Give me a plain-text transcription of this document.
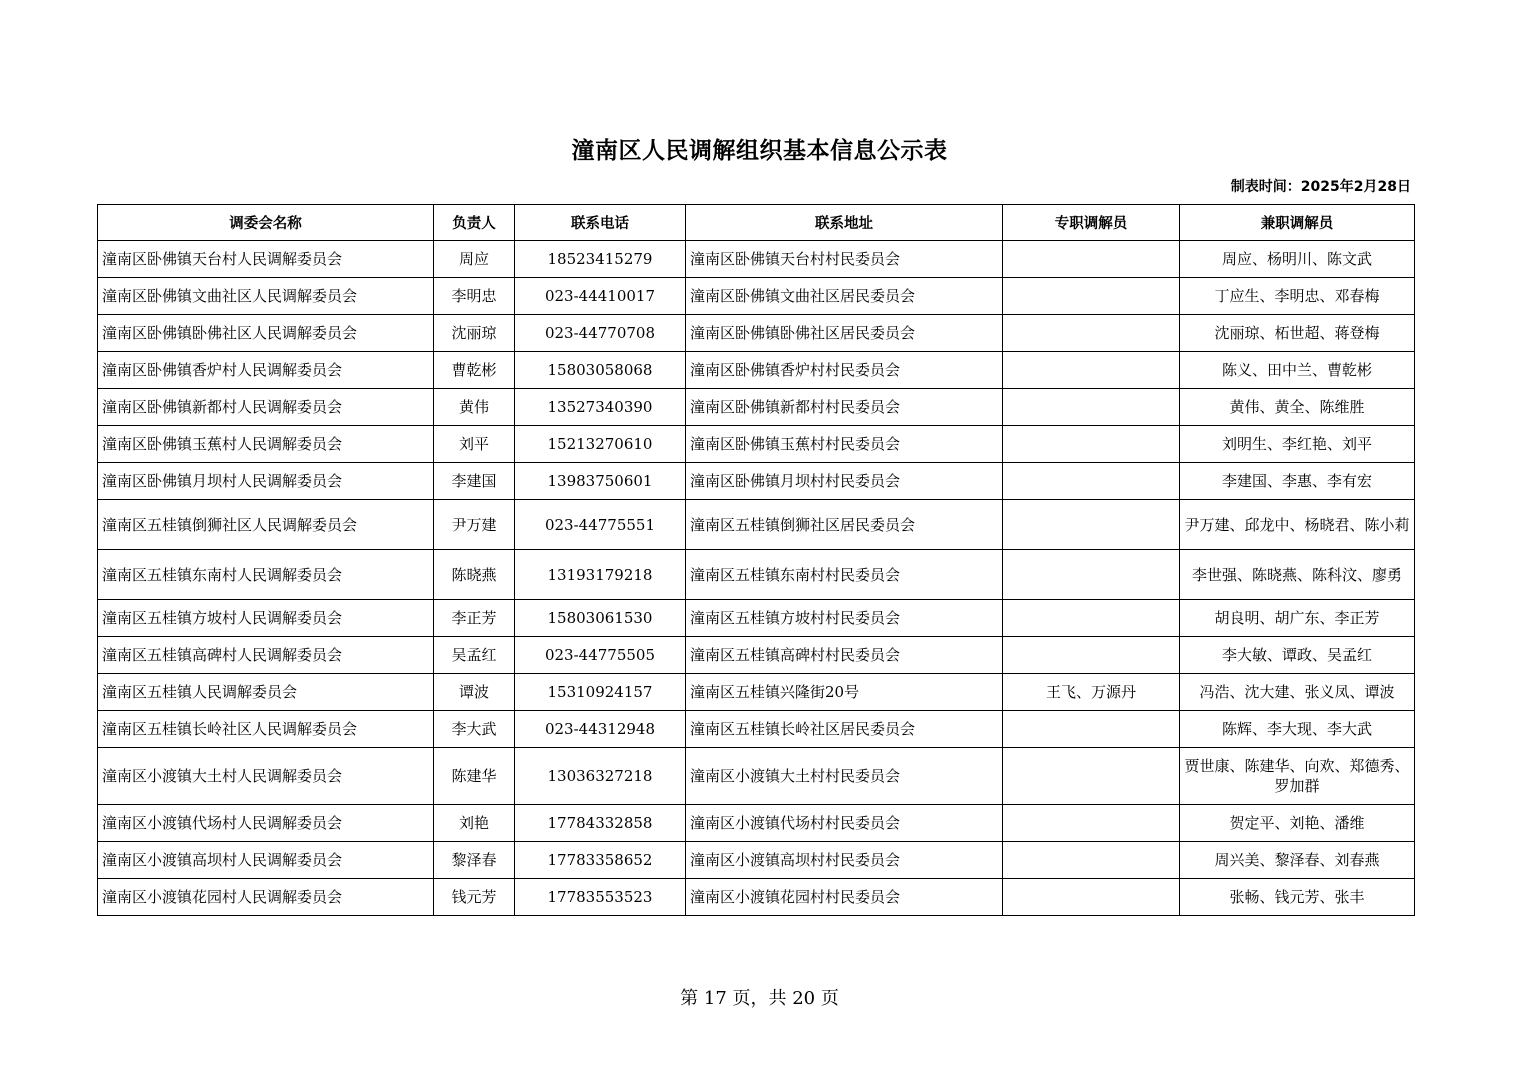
潼南区人民调解组织基本信息公示表
制表时间：2025年2月28日
调委会名称	负责人	联系电话	联系地址	专职调解员	兼职调解员
潼南区卧佛镇天台村人民调解委员会	周应	18523415279	潼南区卧佛镇天台村村民委员会		周应、杨明川、陈文武
潼南区卧佛镇文曲社区人民调解委员会	李明忠	023-44410017	潼南区卧佛镇文曲社区居民委员会		丁应生、李明忠、邓春梅
潼南区卧佛镇卧佛社区人民调解委员会	沈丽琼	023-44770708	潼南区卧佛镇卧佛社区居民委员会		沈丽琼、柘世超、蒋登梅
潼南区卧佛镇香炉村人民调解委员会	曹乾彬	15803058068	潼南区卧佛镇香炉村村民委员会		陈义、田中兰、曹乾彬
潼南区卧佛镇新都村人民调解委员会	黄伟	13527340390	潼南区卧佛镇新都村村民委员会		黄伟、黄全、陈维胜
潼南区卧佛镇玉蕉村人民调解委员会	刘平	15213270610	潼南区卧佛镇玉蕉村村民委员会		刘明生、李红艳、刘平
潼南区卧佛镇月坝村人民调解委员会	李建国	13983750601	潼南区卧佛镇月坝村村民委员会		李建国、李惠、李有宏
潼南区五桂镇倒狮社区人民调解委员会	尹万建	023-44775551	潼南区五桂镇倒狮社区居民委员会		尹万建、邱龙中、杨晓君、陈小莉
潼南区五桂镇东南村人民调解委员会	陈晓燕	13193179218	潼南区五桂镇东南村村民委员会		李世强、陈晓燕、陈科汶、廖勇
潼南区五桂镇方坡村人民调解委员会	李正芳	15803061530	潼南区五桂镇方坡村村民委员会		胡良明、胡广东、李正芳
潼南区五桂镇高碑村人民调解委员会	吴孟红	023-44775505	潼南区五桂镇高碑村村民委员会		李大敏、谭政、吴孟红
潼南区五桂镇人民调解委员会	谭波	15310924157	潼南区五桂镇兴隆街20号	王飞、万源丹	冯浩、沈大建、张义凤、谭波
潼南区五桂镇长岭社区人民调解委员会	李大武	023-44312948	潼南区五桂镇长岭社区居民委员会		陈辉、李大现、李大武
潼南区小渡镇大土村人民调解委员会	陈建华	13036327218	潼南区小渡镇大土村村民委员会		贾世康、陈建华、向欢、郑德秀、罗加群
潼南区小渡镇代场村人民调解委员会	刘艳	17784332858	潼南区小渡镇代场村村民委员会		贺定平、刘艳、潘维
潼南区小渡镇高坝村人民调解委员会	黎泽春	17783358652	潼南区小渡镇高坝村村民委员会		周兴美、黎泽春、刘春燕
潼南区小渡镇花园村人民调解委员会	钱元芳	17783553523	潼南区小渡镇花园村村民委员会		张畅、钱元芳、张丰
第 17 页，共 20 页
